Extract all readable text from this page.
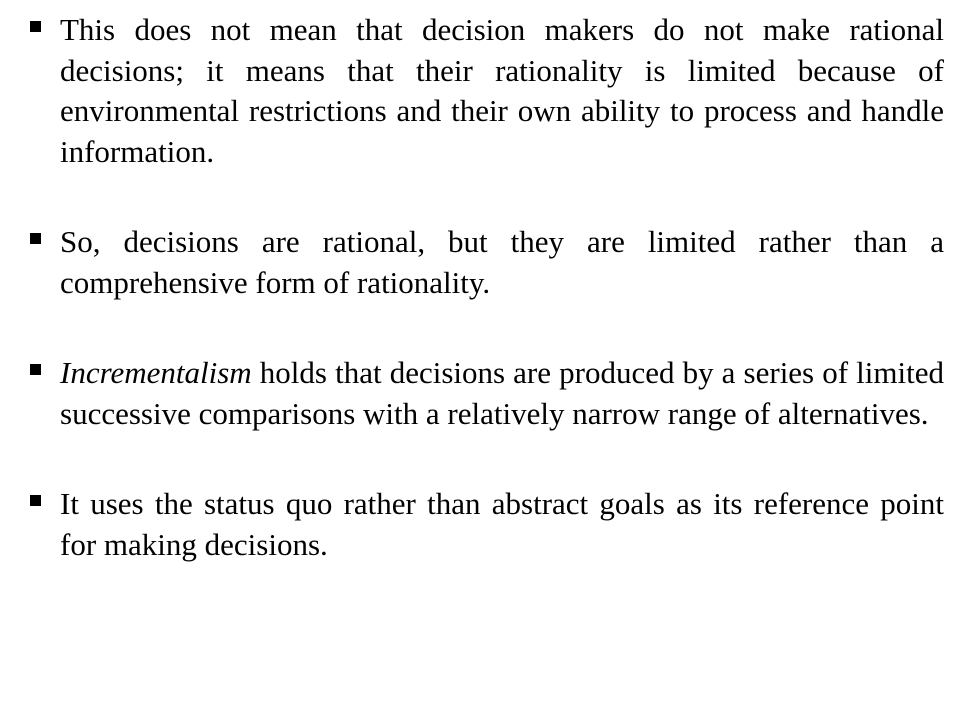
This does not mean that decision makers do not make rational decisions; it means that their rationality is limited because of environmental restrictions and their own ability to process and handle information.

So, decisions are rational, but they are limited rather than a comprehensive form of rationality.

Incrementalism holds that decisions are produced by a series of limited successive comparisons with a relatively narrow range of alternatives.

It uses the status quo rather than abstract goals as its reference point for making decisions.
